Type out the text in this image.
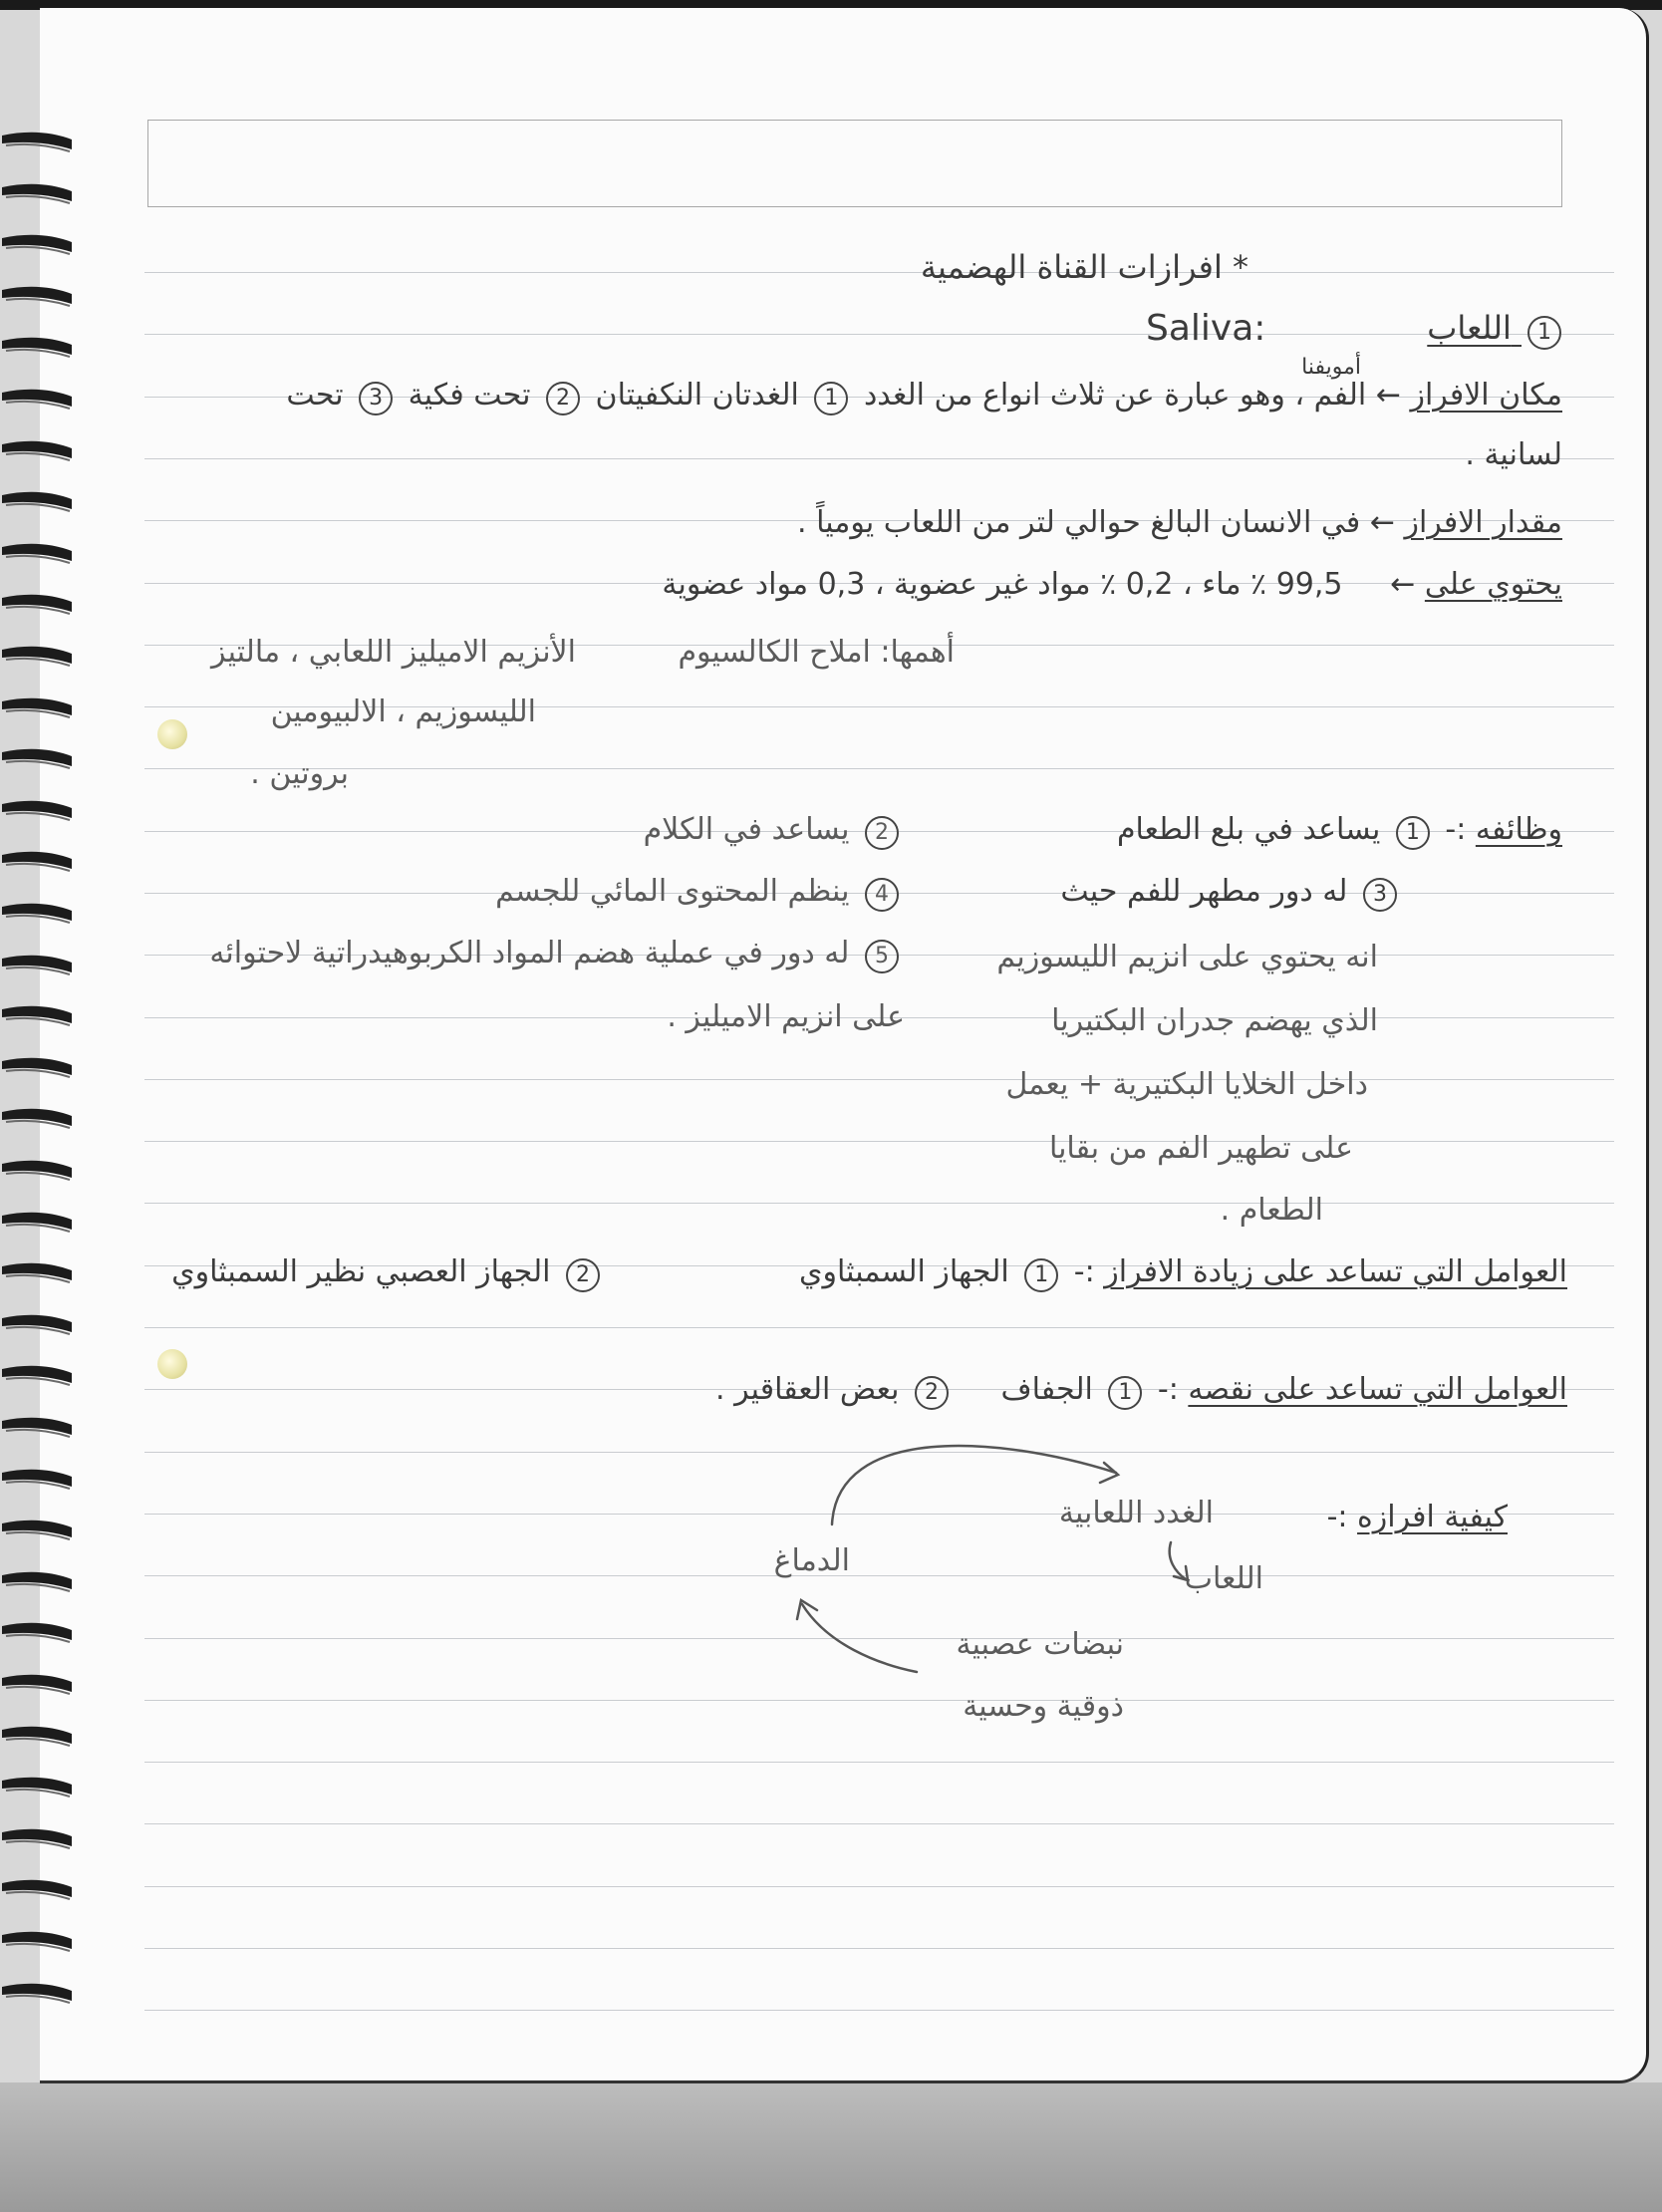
* افرازات القناة الهضمية
1 اللعاب
Saliva:
أمويفنا
مكان الافراز ← الفم ، وهو عبارة عن ثلاث انواع من الغدد 1 الغدتان النكفيتان 2 تحت فكية 3 تحت
لسانية .
مقدار الافراز ← في الانسان البالغ حوالي لتر من اللعاب يومياً .
يحتوي على ←     99,5 ٪ ماء ، 0,2 ٪ مواد غير عضوية ، 0,3 مواد عضوية
أهمها: املاح الكالسيوم
الأنزيم الاميليز اللعابي ، مالتيز
الليسوزيم ، الالبيومين
بروتين .
وظائفه :- 1 يساعد في بلع الطعام
2 يساعد في الكلام
3 له دور مطهر للفم حيث
4 ينظم المحتوى المائي للجسم
5 له دور في عملية هضم المواد الكربوهيدراتية لاحتوائه
على انزيم الاميليز .
انه يحتوي على انزيم الليسوزيم
الذي يهضم جدران البكتيريا
داخل الخلايا البكتيرية + يعمل
على تطهير الفم من بقايا
الطعام .
العوامل التي تساعد على زيادة الافراز :- 1 الجهاز السمبثاوي
2 الجهاز العصبي نظير السمبثاوي
العوامل التي تساعد على نقصه :- 1 الجفاف
2 بعض العقاقير .
كيفية افرازه :-
الغدد اللعابية
اللعاب
الدماغ
نبضات عصبية
ذوقية وحسية
